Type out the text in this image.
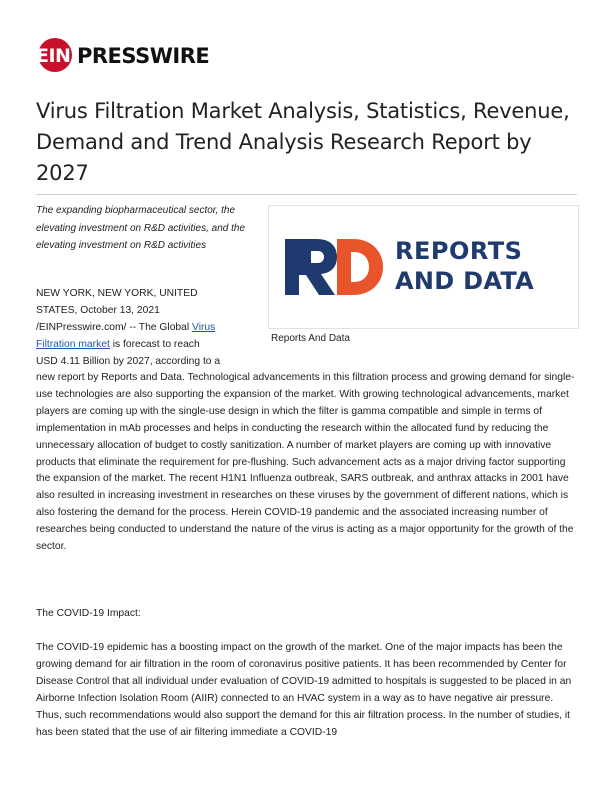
EIN PRESSWIRE
Virus Filtration Market Analysis, Statistics, Revenue, Demand and Trend Analysis Research Report by 2027

The expanding biopharmaceutical sector, the elevating investment on R&D activities, and the elevating investment on R&D activities	REPORTS
AND DATA
Reports And Data

NEW YORK, NEW YORK, UNITED
STATES, October 13, 2021
/EINPresswire.com/ -- The Global Virus
Filtration market is forecast to reach
USD 4.11 Billion by 2027, according to a

new report by Reports and Data. Technological advancements in this filtration process and growing demand for single-use technologies are also supporting the expansion of the market. With growing technological advancements, market players are coming up with the single-use design in which the filter is gamma compatible and simple in terms of implementation in mAb processes and helps in conducting the research within the allocated fund by reducing the unnecessary allocation of budget to costly sanitization. A number of market players are coming up with innovative products that eliminate the requirement for pre-flushing. Such advancement acts as a major driving factor supporting the expansion of the market. The recent H1N1 Influenza outbreak, SARS outbreak, and anthrax attacks in 2001 have also resulted in increasing investment in researches on these viruses by the government of different nations, which is also fostering the demand for the process. Herein COVID-19 pandemic and the associated increasing number of researches being conducted to understand the nature of the virus is acting as a major opportunity for the growth of the sector.

The COVID-19 Impact:

The COVID-19 epidemic has a boosting impact on the growth of the market. One of the major impacts has been the growing demand for air filtration in the room of coronavirus positive patients. It has been recommended by Center for Disease Control that all individual under evaluation of COVID-19 admitted to hospitals is suggested to be placed in an Airborne Infection Isolation Room (AIIR) connected to an HVAC system in a way as to have negative air pressure. Thus, such recommendations would also support the demand for this air filtration process. In the number of studies, it has been stated that the use of air filtering immediate a COVID-19
